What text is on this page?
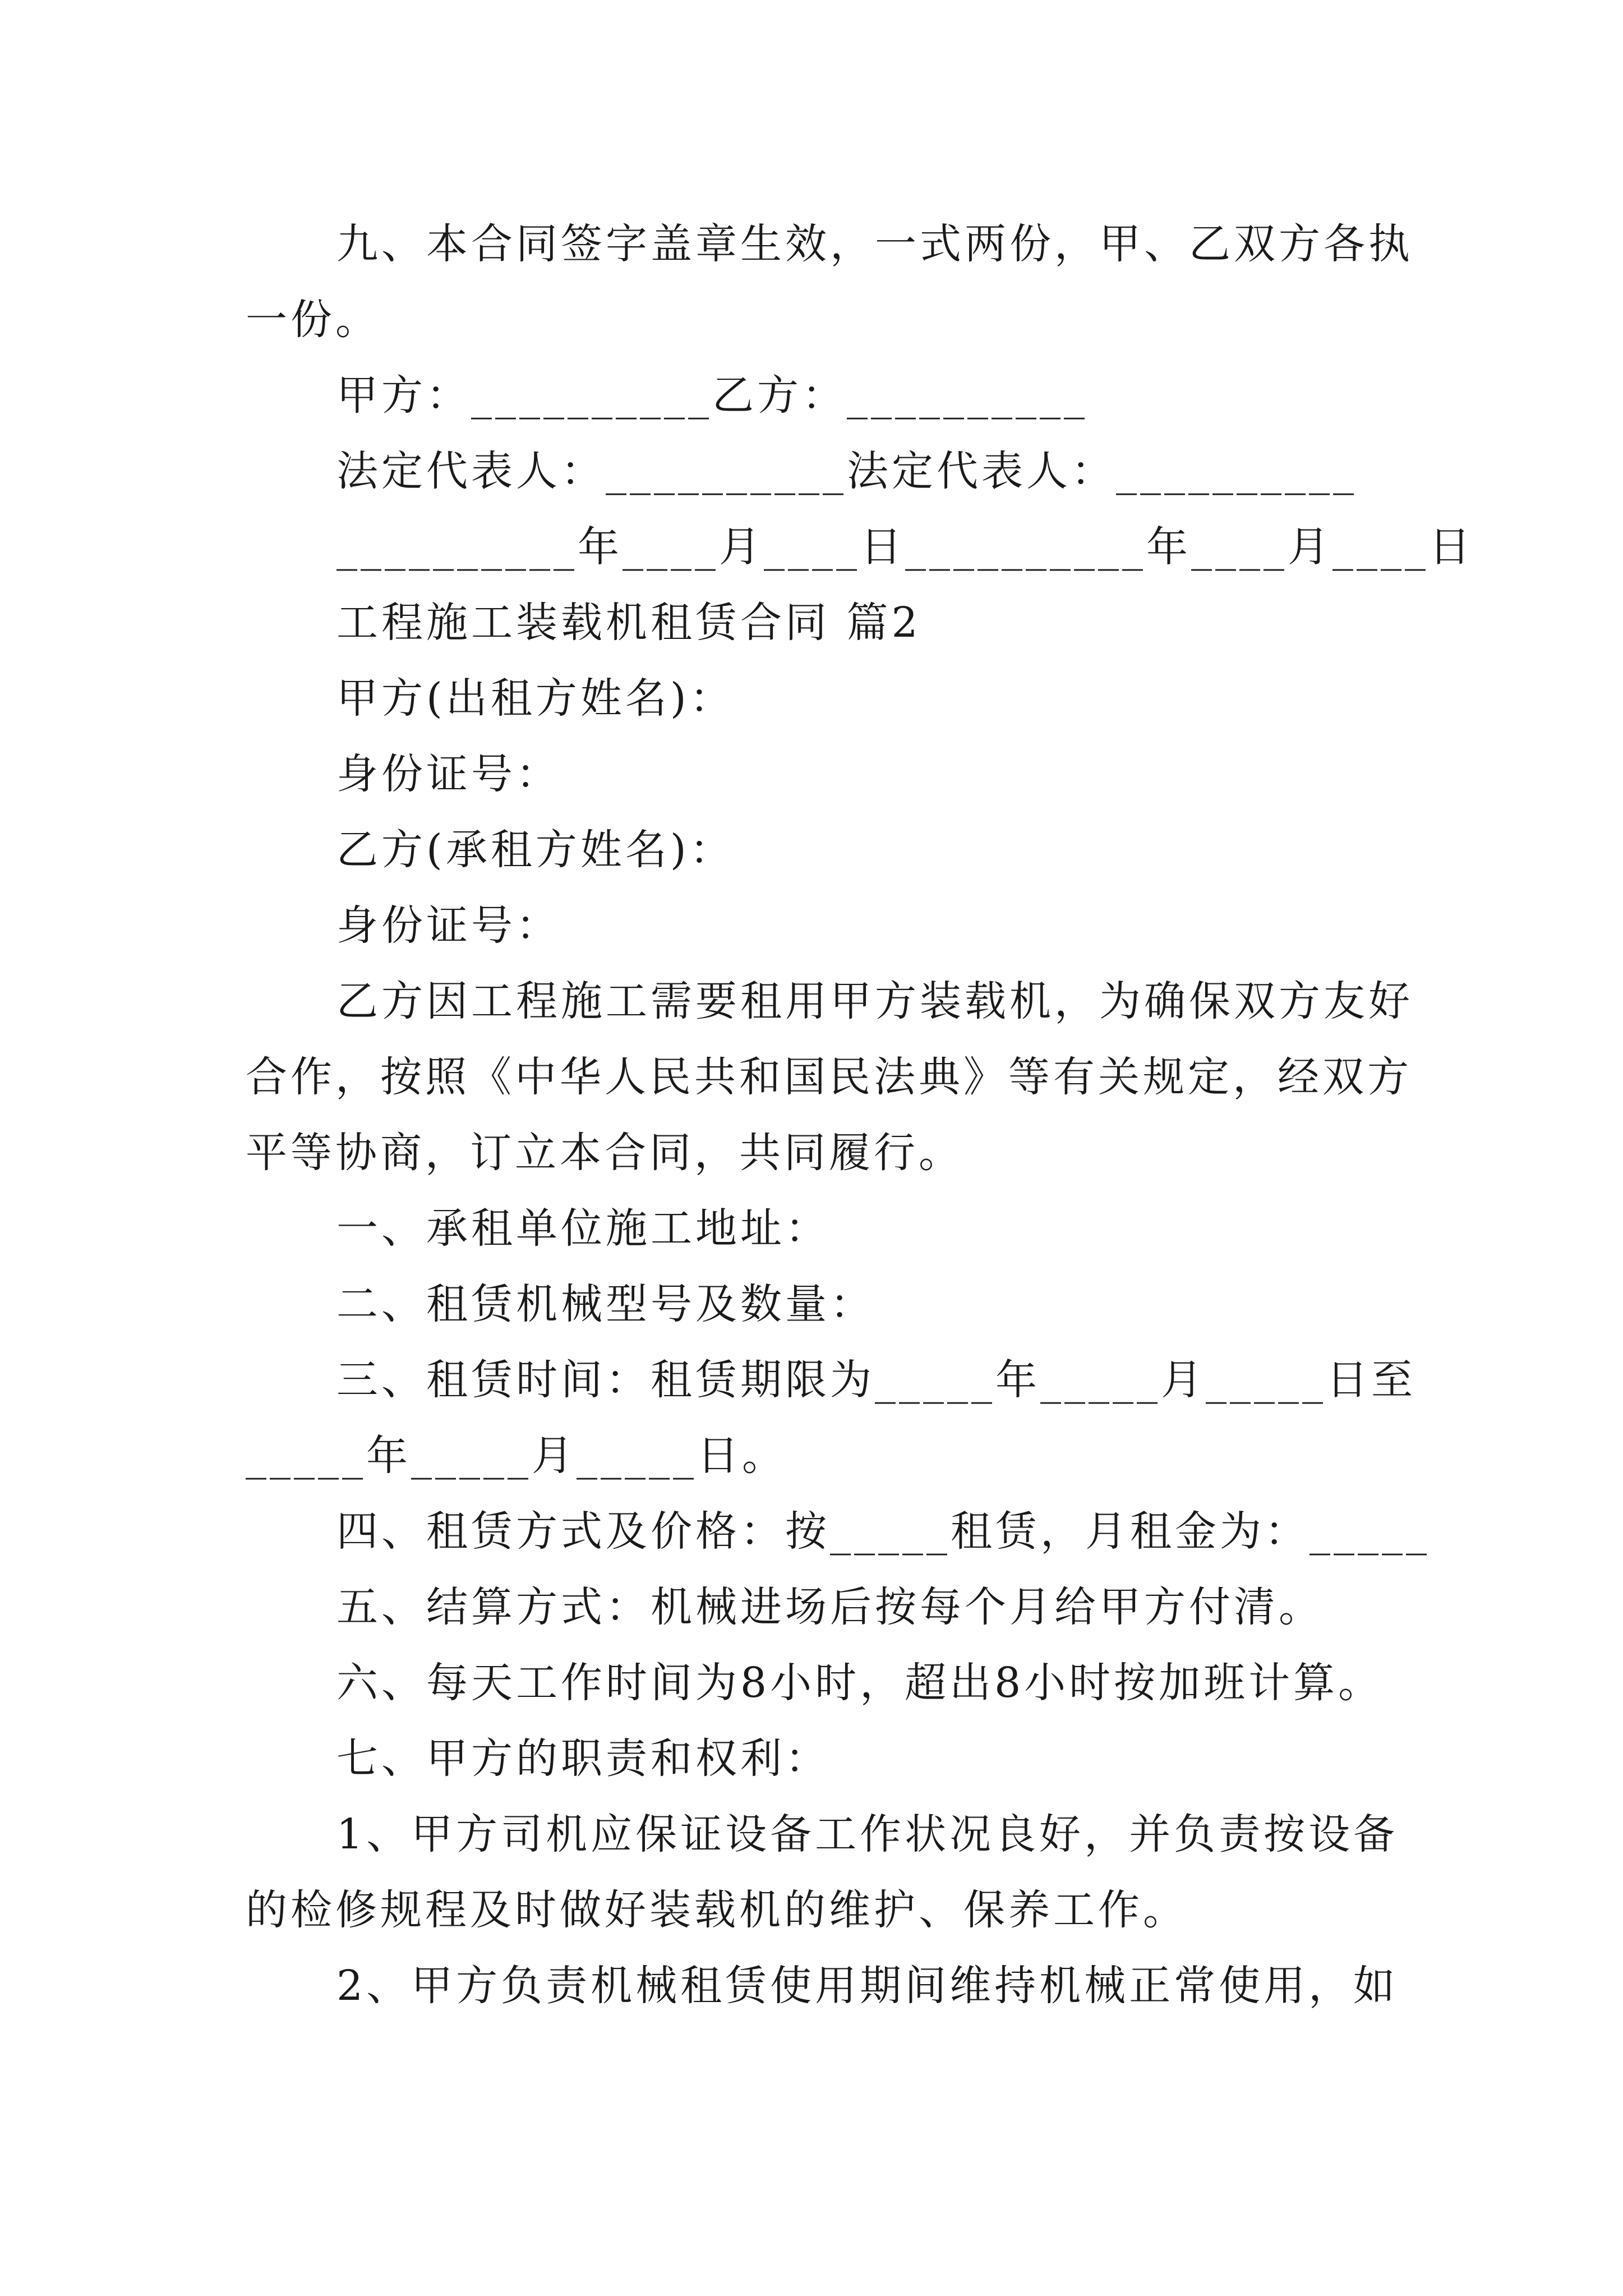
九、本合同签字盖章生效，一式两份，甲、乙双方各执
一份。
甲方：__________乙方：__________
法定代表人：__________法定代表人：__________
__________年____月____日__________年____月____日
工程施工装载机租赁合同 篇2
甲方(出租方姓名)：
身份证号：
乙方(承租方姓名)：
身份证号：
乙方因工程施工需要租用甲方装载机，为确保双方友好
合作，按照《中华人民共和国民法典》等有关规定，经双方
平等协商，订立本合同，共同履行。
一、承租单位施工地址：
二、租赁机械型号及数量：
三、租赁时间：租赁期限为_____年_____月_____日至
_____年_____月_____日。
四、租赁方式及价格：按_____租赁，月租金为：_____
五、结算方式：机械进场后按每个月给甲方付清。
六、每天工作时间为8小时，超出8小时按加班计算。
七、甲方的职责和权利：
1、甲方司机应保证设备工作状况良好，并负责按设备
的检修规程及时做好装载机的维护、保养工作。
2、甲方负责机械租赁使用期间维持机械正常使用，如
